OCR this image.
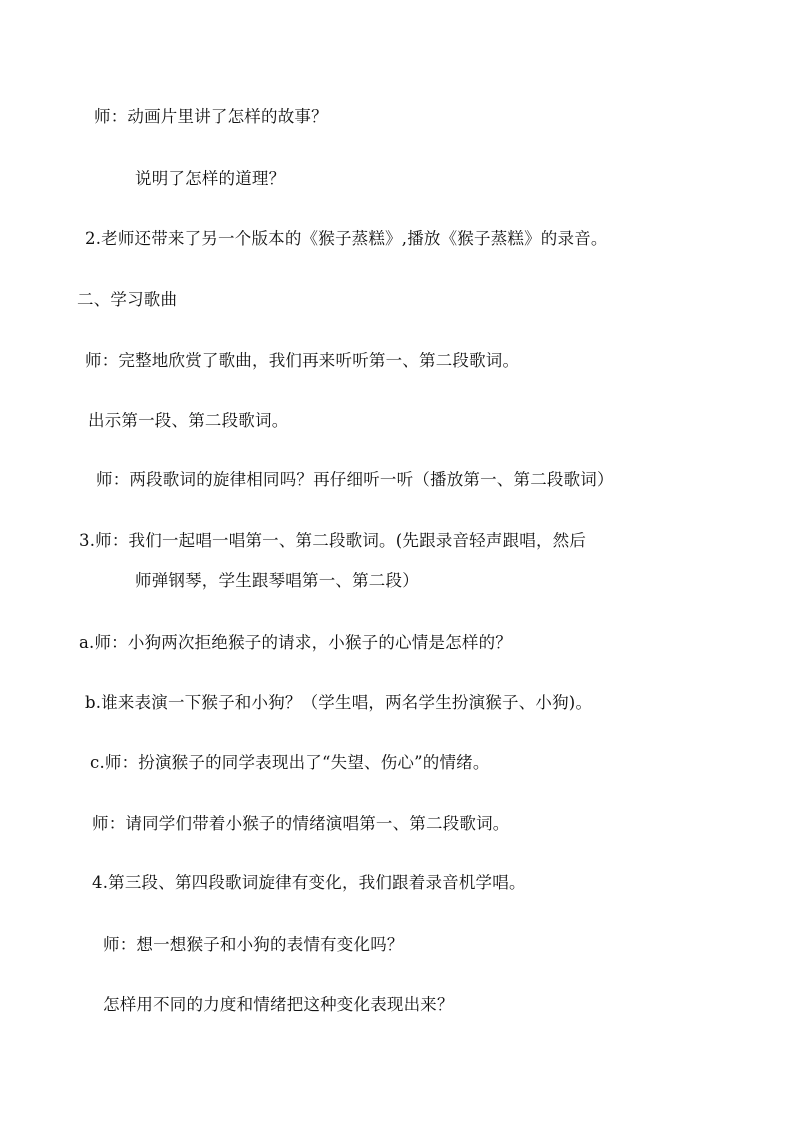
师：动画片里讲了怎样的故事？
说明了怎样的道理？
2.老师还带来了另一个版本的《猴子蒸糕》,播放《猴子蒸糕》的录音。
二、学习歌曲
师：完整地欣赏了歌曲，我们再来听听第一、第二段歌词。
出示第一段、第二段歌词。
师：两段歌词的旋律相同吗？再仔细听一听（播放第一、第二段歌词）
3.师：我们一起唱一唱第一、第二段歌词。(先跟录音轻声跟唱，然后
师弹钢琴，学生跟琴唱第一、第二段）
a.师：小狗两次拒绝猴子的请求，小猴子的心情是怎样的？
b.谁来表演一下猴子和小狗？（学生唱，两名学生扮演猴子、小狗)。
c.师：扮演猴子的同学表现出了“失望、伤心”的情绪。
师：请同学们带着小猴子的情绪演唱第一、第二段歌词。
4.第三段、第四段歌词旋律有变化，我们跟着录音机学唱。
师：想一想猴子和小狗的表情有变化吗？
怎样用不同的力度和情绪把这种变化表现出来？
